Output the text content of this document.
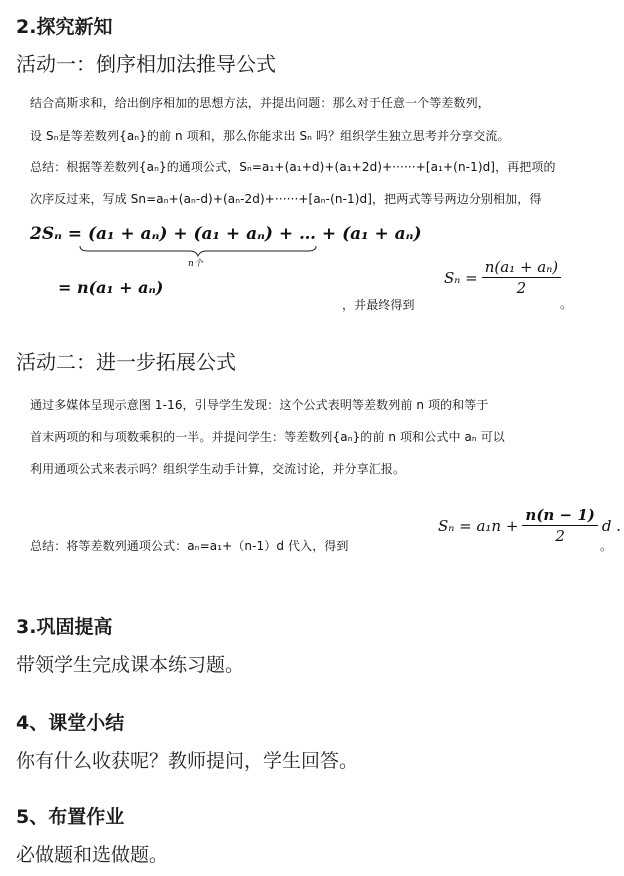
2.探究新知
活动一：倒序相加法推导公式
结合高斯求和，给出倒序相加的思想方法，并提出问题：那么对于任意一个等差数列，
设 Sₙ是等差数列{aₙ}的前 n 项和，那么你能求出 Sₙ 吗？组织学生独立思考并分享交流。
总结：根据等差数列{aₙ}的通项公式，Sₙ=a₁+(a₁+d)+(a₁+2d)+······+[a₁+(n-1)d]，再把项的
次序反过来，写成 Sn=aₙ+(aₙ-d)+(aₙ-2d)+······+[aₙ-(n-1)d]，把两式等号两边分别相加，得
2Sₙ = (a₁ + aₙ) + (a₁ + aₙ) + … + (a₁ + aₙ)
n个
= n(a₁ + aₙ)
，并最终得到
$S_n = \frac{\text{n(a₁ + aₙ)}}{2}$
。
活动二：进一步拓展公式
通过多媒体呈现示意图 1-16，引导学生发现：这个公式表明等差数列前 n 项的和等于
首末两项的和与项数乘积的一半。并提问学生：等差数列{aₙ}的前 n 项和公式中 aₙ 可以
利用通项公式来表示吗？组织学生动手计算，交流讨论，并分享汇报。
总结：将等差数列通项公式：aₙ=a₁+（n-1）d 代入，得到
$S_n = a_1n + \frac{n(n - 1)}{2}$ d .
。
3.巩固提高
带领学生完成课本练习题。
4、课堂小结
你有什么收获呢？教师提问，学生回答。
5、布置作业
必做题和选做题。
